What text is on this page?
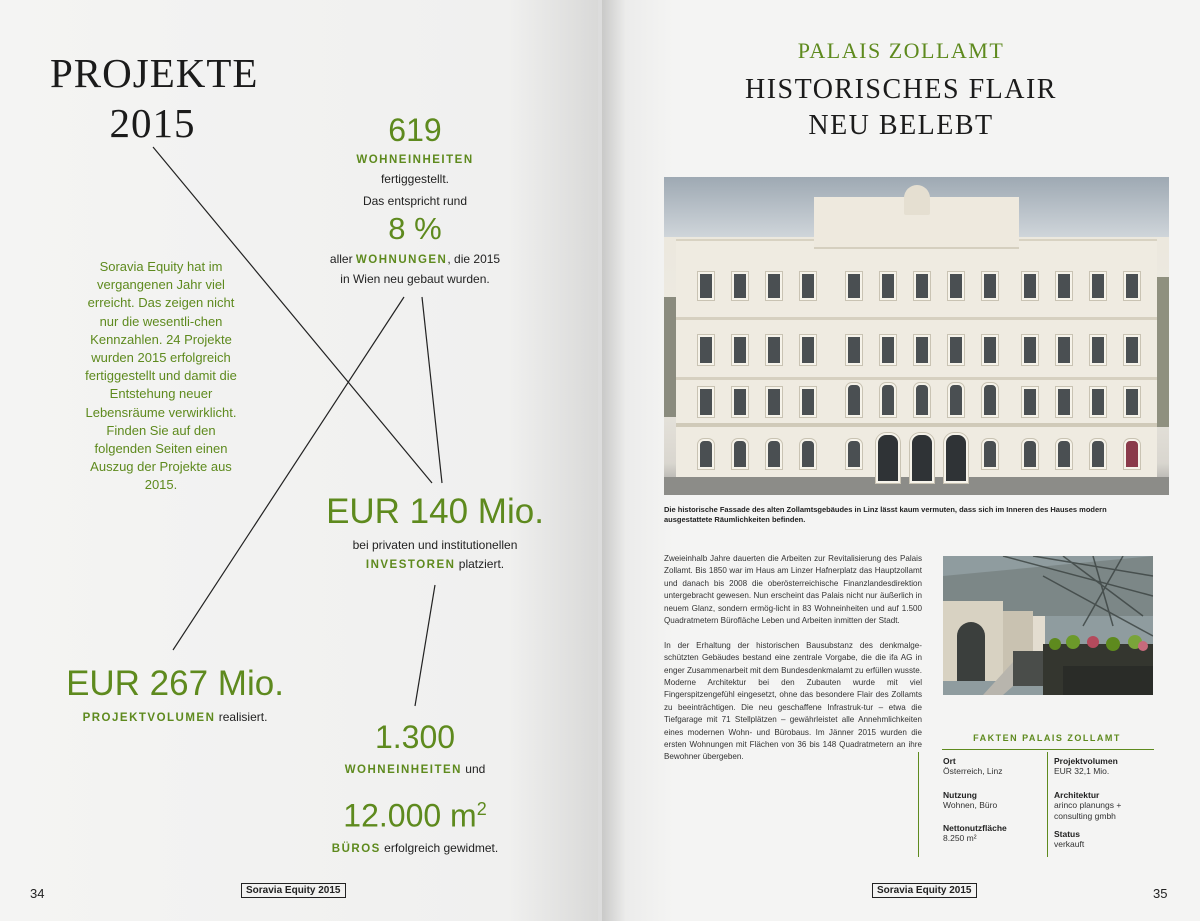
PROJEKTE
2015
Soravia Equity hat im vergangenen Jahr viel erreicht. Das zeigen nicht nur die wesentli-chen Kennzahlen. 24 Projekte wurden 2015 erfolgreich fertiggestellt und damit die Entstehung neuer Lebensräume verwirklicht. Finden Sie auf den folgenden Seiten einen Auszug der Projekte aus 2015.
619
WOHNEINHEITEN
fertiggestellt.
Das entspricht rund
8 %
aller WOHNUNGEN, die 2015
in Wien neu gebaut wurden.
EUR 140 Mio.
bei privaten und institutionellen
INVESTOREN platziert.
EUR 267 Mio.
PROJEKTVOLUMEN realisiert.
1.300
WOHNEINHEITEN und
12.000 $m^2$
BÜROS erfolgreich gewidmet.
34	Soravia Equity 2015
PALAIS ZOLLAMT
HISTORISCHES FLAIR
NEU BELEBT
Die historische Fassade des alten Zollamtsgebäudes in Linz lässt kaum vermuten, dass sich im Inneren des Hauses modern
ausgestattete Räumlichkeiten befinden.

Zweieinhalb Jahre dauerten die Arbeiten zur Revitalisierung des Palais Zollamt. Bis 1850 war im Haus am Linzer Hafnerplatz das Hauptzollamt und danach bis 2008 die oberösterreichische Finanzlandesdirektion untergebracht gewesen. Nun erscheint das Palais nicht nur äußerlich in neuem Glanz, sondern ermög-licht in 83 Wohneinheiten und auf 1.500 Quadratmetern Bürofläche Leben und Arbeiten inmitten der Stadt.

In der Erhaltung der historischen Bausubstanz des denkmalge-schützten Gebäudes bestand eine zentrale Vorgabe, die die ifa AG in enger Zusammenarbeit mit dem Bundesdenkmalamt zu erfüllen wusste. Moderne Architektur bei den Zubauten wurde mit viel Fingerspitzengefühl eingesetzt, ohne das besondere Flair des Zollamts zu beeinträchtigen. Die neu geschaffene Infrastruk-tur – etwa die Tiefgarage mit 71 Stellplätzen – gewährleistet alle Annehmlichkeiten eines modernen Wohn- und Bürobaus. Im Jänner 2015 wurden die ersten Wohnungen mit Flächen von 36 bis 148 Quadratmetern an ihre Bewohner übergeben.

FAKTEN PALAIS ZOLLAMT
Ort
Österreich, Linz
Nutzung
Wohnen, Büro
Nettonutzfläche
8.250 m²
Projektvolumen
EUR 32,1 Mio.
Architektur
arinco planungs + consulting gmbh
Status
verkauft
Soravia Equity 2015	35
